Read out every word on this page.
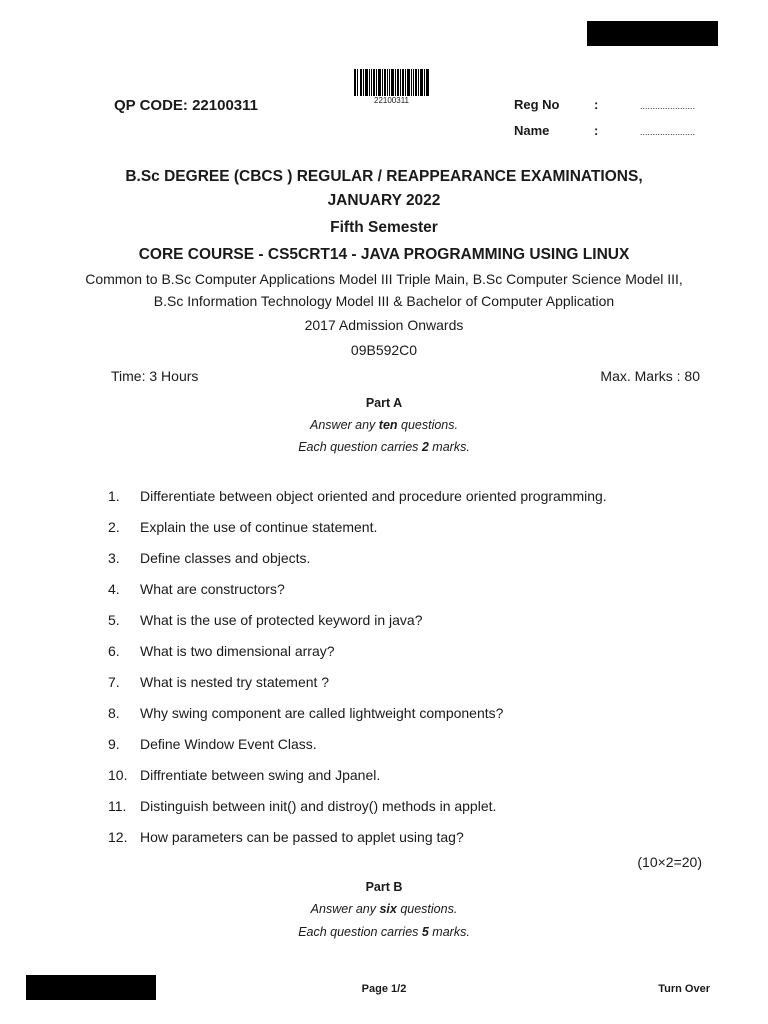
22100311
QP CODE: 22100311	Reg No	:	......................
Name	:	......................
B.Sc DEGREE (CBCS ) REGULAR / REAPPEARANCE EXAMINATIONS,
JANUARY 2022
Fifth Semester
CORE COURSE - CS5CRT14 - JAVA PROGRAMMING USING LINUX
Common to B.Sc Computer Applications Model III Triple Main, B.Sc Computer Science Model III,
B.Sc Information Technology Model III & Bachelor of Computer Application
2017 Admission Onwards
09B592C0
Time: 3 Hours	Max. Marks : 80
Part A
Answer any ten questions.
Each question carries 2 marks.
1. Differentiate between object oriented and procedure oriented programming.
2. Explain the use of continue statement.
3. Define classes and objects.
4. What are constructors?
5. What is the use of protected keyword in java?
6. What is two dimensional array?
7. What is nested try statement ?
8. Why swing component are called lightweight components?
9. Define Window Event Class.
10. Diffrentiate between swing and Jpanel.
11. Distinguish between init() and distroy() methods in applet.
12. How parameters can be passed to applet using tag?
(10×2=20)
Part B
Answer any six questions.
Each question carries 5 marks.
Page 1/2	Turn Over
